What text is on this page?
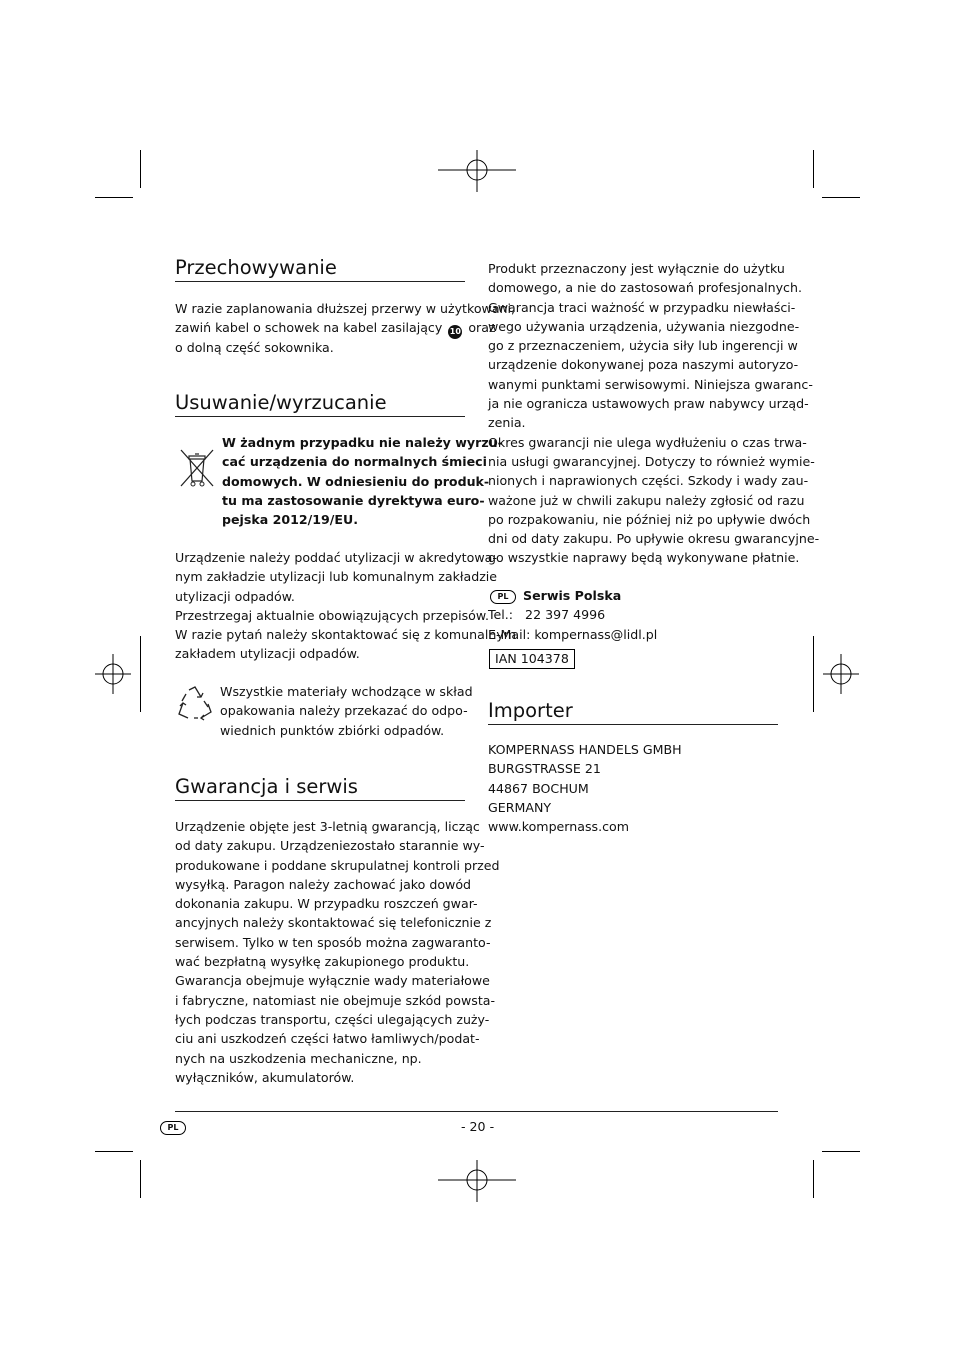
Przechowywanie
W razie zaplanowania dłuższej przerwy w użytkowani,
zawiń kabel o schowek na kabel zasilający 10 oraz
o dolną część sokownika.
Usuwanie/wyrzucanie
W żadnym przypadku nie należy wyrzu-
cać urządzenia do normalnych śmieci
domowych. W odniesieniu do produk-
tu ma zastosowanie dyrektywa euro-
pejska 2012/19/EU.
Urządzenie należy poddać utylizacji w akredytowa-
nym zakładzie utylizacji lub komunalnym zakładzie
utylizacji odpadów.
Przestrzegaj aktualnie obowiązujących przepisów.
W razie pytań należy skontaktować się z komunalnym
zakładem utylizacji odpadów.
Wszystkie materiały wchodzące w skład
opakowania należy przekazać do odpo-
wiednich punktów zbiórki odpadów.
Gwarancja i serwis
Urządzenie objęte jest 3-letnią gwarancją, licząc
od daty zakupu. Urządzeniezostało starannie wy-
produkowane i poddane skrupulatnej kontroli przed
wysyłką. Paragon należy zachować jako dowód
dokonania zakupu. W przypadku roszczeń gwar-
ancyjnych należy skontaktować się telefonicznie z
serwisem. Tylko w ten sposób można zagwaranto-
wać bezpłatną wysyłkę zakupionego produktu.
Gwarancja obejmuje wyłącznie wady materiałowe
i fabryczne, natomiast nie obejmuje szkód powsta-
łych podczas transportu, części ulegających zuży-
ciu ani uszkodzeń części łatwo łamliwych/podat-
nych na uszkodzenia mechaniczne, np.
wyłączników, akumulatorów.
Produkt przeznaczony jest wyłącznie do użytku
domowego, a nie do zastosowań profesjonalnych.
Gwarancja traci ważność w przypadku niewłaści-
wego używania urządzenia, używania niezgodne-
go z przeznaczeniem, użycia siły lub ingerencji w
urządzenie dokonywanej poza naszymi autoryzo-
wanymi punktami serwisowymi. Niniejsza gwaranc-
ja nie ogranicza ustawowych praw nabywcy urząd-
zenia.
Okres gwarancji nie ulega wydłużeniu o czas trwa-
nia usługi gwarancyjnej. Dotyczy to również wymie-
nionych i naprawionych części. Szkody i wady zau-
ważone już w chwili zakupu należy zgłosić od razu
po rozpakowaniu, nie później niż po upływie dwóch
dni od daty zakupu. Po upływie okresu gwarancyjne-
go wszystkie naprawy będą wykonywane płatnie.
PL	Serwis Polska
Tel.:   22 397 4996
E-Mail: kompernass@lidl.pl
IAN 104378
Importer
KOMPERNASS HANDELS GMBH
BURGSTRASSE 21
44867 BOCHUM
GERMANY
www.kompernass.com
PL	- 20 -
